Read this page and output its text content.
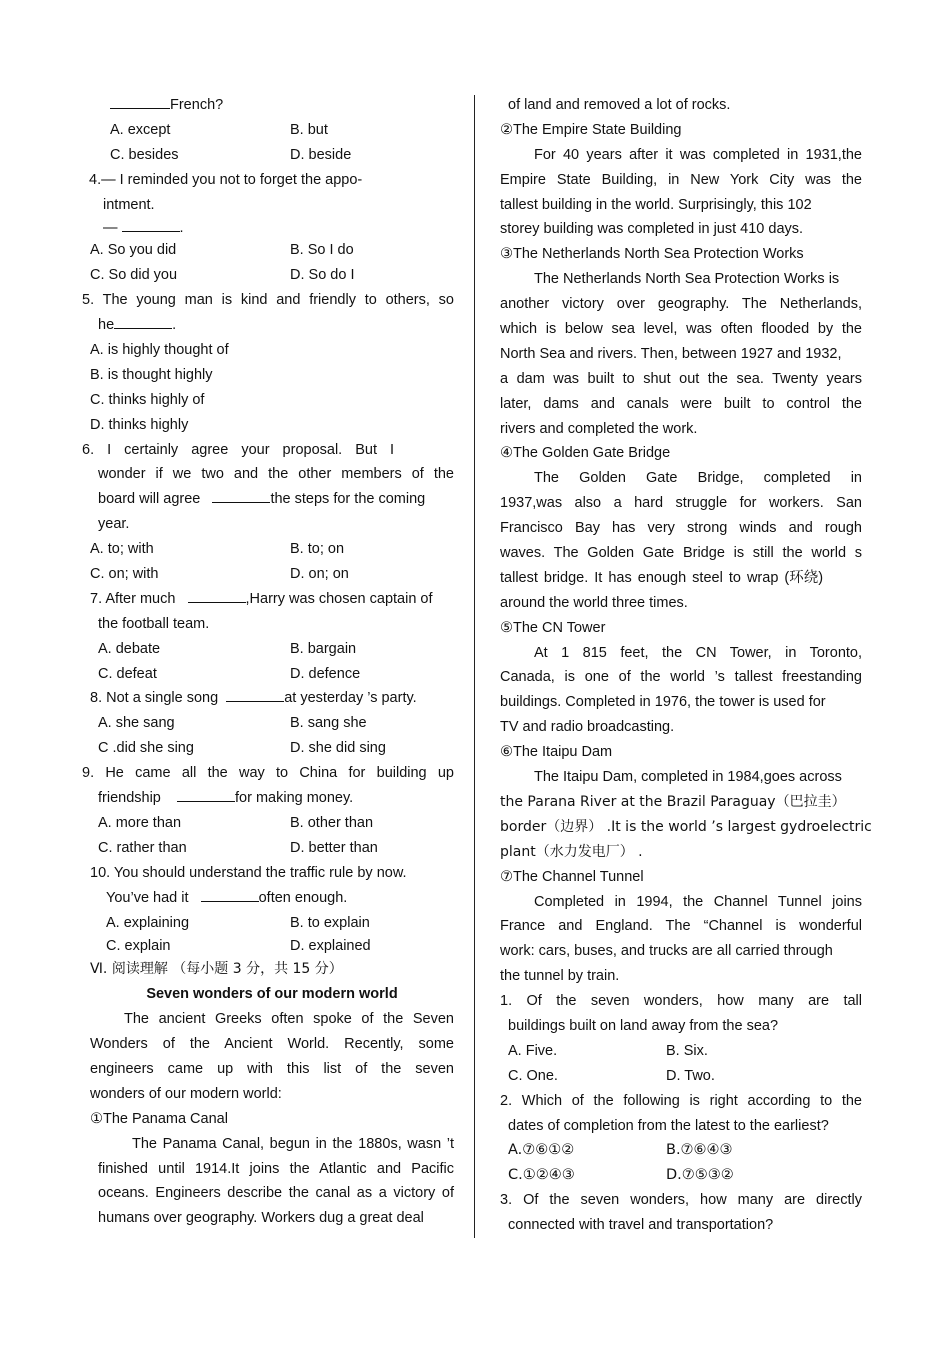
French?
A. except	B. but
C. besides	D. beside
4.— I reminded you not to forget the appo-
intment.
—	.
A. So you did	B. So I do
C. So did you	D. So do I
5. The young man is kind and friendly to others, so
he	.
A. is highly thought of
B. is thought highly
C. thinks highly of
D. thinks highly
6. I certainly agree your proposal. But I
wonder if we two and the other members of the
board will agree	the steps for the coming
year.
A. to; with	B. to; on
C. on; with	D. on; on
7. After much	,Harry was chosen captain of
the football team.
A. debate	B. bargain
C. defeat	D. defence
8. Not a single song	at yesterday ’s party.
A. she sang	B. sang she
C .did she sing	D. she did sing
9. He came all the way to China for building up
friendship	for making money.
A. more than	B. other than
C. rather than	D. better than
10. You should understand the traffic rule by now.
You’ve had it	often enough.
A. explaining	B. to explain
C. explain	D. explained
Ⅵ. 阅读理解 （每小题 3 分，共 15 分）
Seven wonders of our modern world
The ancient Greeks often spoke of the Seven
Wonders of the Ancient World. Recently, some
engineers came up with this list of the seven
wonders of our modern world:
①The Panama Canal
The Panama Canal, begun in the 1880s, wasn ’t
finished until 1914.It joins the Atlantic and Pacific
oceans. Engineers describe the canal as a victory of
humans over geography. Workers dug a great deal
of land and removed a lot of rocks.
②The Empire State Building
For 40 years after it was completed in 1931,the
Empire State Building, in New York City was the
tallest building in the world. Surprisingly, this 102
storey building was completed in just 410 days.
③The Netherlands North Sea Protection Works
The Netherlands North Sea Protection Works is
another victory over geography. The Netherlands,
which is below sea level, was often flooded by the
North Sea and rivers. Then, between 1927 and 1932,
a dam was built to shut out the sea. Twenty years
later, dams and canals were built to control the
rivers and completed the work.
④The Golden Gate Bridge
The Golden Gate Bridge, completed in
1937,was also a hard struggle for workers. San
Francisco Bay has very strong winds and rough
waves. The Golden Gate Bridge is still the world s
tallest bridge. It has enough steel to wrap (环绕)
around the world three times.
⑤The CN Tower
At 1 815 feet, the CN Tower, in Toronto,
Canada, is one of the world ’s tallest freestanding
buildings. Completed in 1976, the tower is used for
TV and radio broadcasting.
⑥The Itaipu Dam
The Itaipu Dam, completed in 1984,goes across
the Parana River at the Brazil Paraguay（巴拉圭）
border（边界） .It is the world ’s largest gydroelectric
plant（水力发电厂） .
⑦The Channel Tunnel
Completed in 1994, the Channel Tunnel joins
France and England. The “Channel is wonderful
work: cars, buses, and trucks are all carried through
the tunnel by train.
1. Of the seven wonders, how many are tall
buildings built on land away from the sea?
A. Five.	B. Six.
C. One.	D. Two.
2. Which of the following is right according to the
dates of completion from the latest to the earliest?
A.⑦⑥①②	B.⑦⑥④③
C.①②④③	D.⑦⑤③②
3. Of the seven wonders, how many are directly
connected with travel and transportation?
